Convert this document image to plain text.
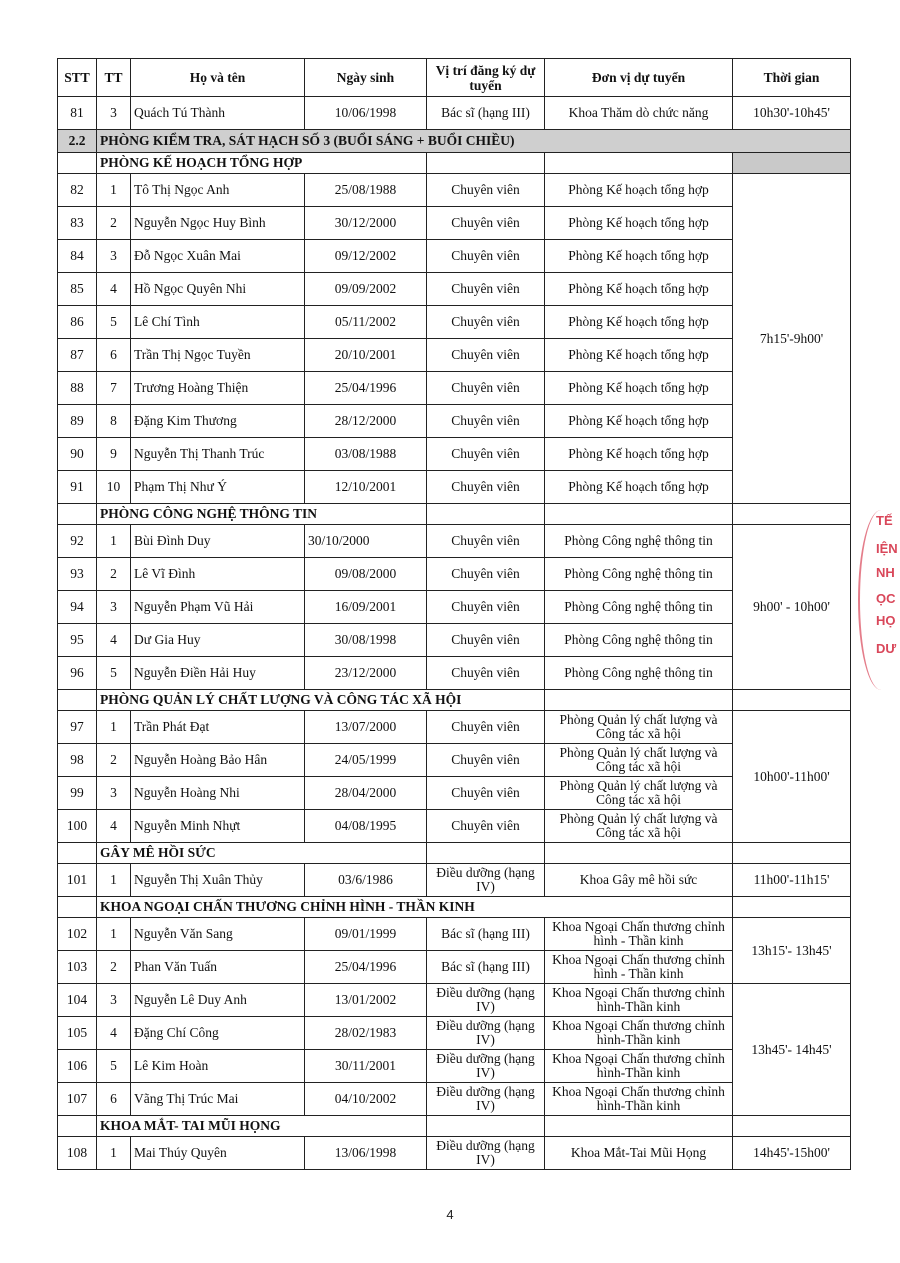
STT	TT	Họ và tên	Ngày sinh	Vị trí đăng ký dự tuyển	Đơn vị dự tuyển	Thời gian
81	3	Quách Tú Thành	10/06/1998	Bác sĩ (hạng III)	Khoa Thăm dò chức năng	10h30'-10h45'
2.2	PHÒNG KIỂM TRA, SÁT HẠCH SỐ 3 (BUỔI SÁNG + BUỔI CHIỀU)					
	PHÒNG KẾ HOẠCH TỔNG HỢP					
82	1	Tô Thị Ngọc Anh	25/08/1988	Chuyên viên	Phòng Kế hoạch tổng hợp	7h15'-9h00'
83	2	Nguyễn Ngọc Huy Bình	30/12/2000	Chuyên viên	Phòng Kế hoạch tổng hợp	
84	3	Đỗ Ngọc Xuân Mai	09/12/2002	Chuyên viên	Phòng Kế hoạch tổng hợp	
85	4	Hồ Ngọc Quyên Nhi	09/09/2002	Chuyên viên	Phòng Kế hoạch tổng hợp	
86	5	Lê Chí Tình	05/11/2002	Chuyên viên	Phòng Kế hoạch tổng hợp	
87	6	Trần Thị Ngọc Tuyền	20/10/2001	Chuyên viên	Phòng Kế hoạch tổng hợp	
88	7	Trương Hoàng Thiện	25/04/1996	Chuyên viên	Phòng Kế hoạch tổng hợp	
89	8	Đặng Kim Thương	28/12/2000	Chuyên viên	Phòng Kế hoạch tổng hợp	
90	9	Nguyễn Thị Thanh Trúc	03/08/1988	Chuyên viên	Phòng Kế hoạch tổng hợp	
91	10	Phạm Thị Như Ý	12/10/2001	Chuyên viên	Phòng Kế hoạch tổng hợp	
	PHÒNG CÔNG NGHỆ THÔNG TIN					
92	1	Bùi Đình Duy	30/10/2000	Chuyên viên	Phòng Công nghệ thông tin	9h00' - 10h00'
93	2	Lê Vĩ Đình	09/08/2000	Chuyên viên	Phòng Công nghệ thông tin	
94	3	Nguyễn Phạm Vũ Hải	16/09/2001	Chuyên viên	Phòng Công nghệ thông tin	
95	4	Dư Gia Huy	30/08/1998	Chuyên viên	Phòng Công nghệ thông tin	
96	5	Nguyễn Điền Hải Huy	23/12/2000	Chuyên viên	Phòng Công nghệ thông tin	
	PHÒNG QUẢN LÝ CHẤT LƯỢNG VÀ CÔNG TÁC XÃ HỘI					
97	1	Trần Phát Đạt	13/07/2000	Chuyên viên	Phòng Quản lý chất lượng và Công tác xã hội	10h00'-11h00'
98	2	Nguyễn Hoàng Bảo Hân	24/05/1999	Chuyên viên	Phòng Quản lý chất lượng và Công tác xã hội	
99	3	Nguyễn Hoàng Nhi	28/04/2000	Chuyên viên	Phòng Quản lý chất lượng và Công tác xã hội	
100	4	Nguyễn Minh Nhựt	04/08/1995	Chuyên viên	Phòng Quản lý chất lượng và Công tác xã hội	
	GÂY MÊ HỒI SỨC					
101	1	Nguyễn Thị Xuân Thủy	03/6/1986	Điều dưỡng (hạng IV)	Khoa Gây mê hồi sức	11h00'-11h15'
	KHOA NGOẠI CHẤN THƯƠNG CHỈNH HÌNH - THẦN KINH					
102	1	Nguyễn Văn Sang	09/01/1999	Bác sĩ (hạng III)	Khoa Ngoại Chấn thương chỉnh hình - Thần kinh	13h15'- 13h45'
103	2	Phan Văn Tuấn	25/04/1996	Bác sĩ (hạng III)	Khoa Ngoại Chấn thương chỉnh hình - Thần kinh	
104	3	Nguyễn Lê Duy Anh	13/01/2002	Điều dưỡng (hạng IV)	Khoa Ngoại Chấn thương chỉnh hình-Thần kinh	13h45'- 14h45'
105	4	Đặng Chí Công	28/02/1983	Điều dưỡng (hạng IV)	Khoa Ngoại Chấn thương chỉnh hình-Thần kinh	
106	5	Lê Kim Hoàn	30/11/2001	Điều dưỡng (hạng IV)	Khoa Ngoại Chấn thương chỉnh hình-Thần kinh	
107	6	Vãng Thị Trúc Mai	04/10/2002	Điều dưỡng (hạng IV)	Khoa Ngoại Chấn thương chỉnh hình-Thần kinh	
	KHOA MẮT- TAI MŨI HỌNG					
108	1	Mai Thúy Quyên	13/06/1998	Điều dưỡng (hạng IV)	Khoa Mắt-Tai Mũi Họng	14h45'-15h00'
TẾ
IỆN
NH
ỌC
HỌ
DƯ
4
